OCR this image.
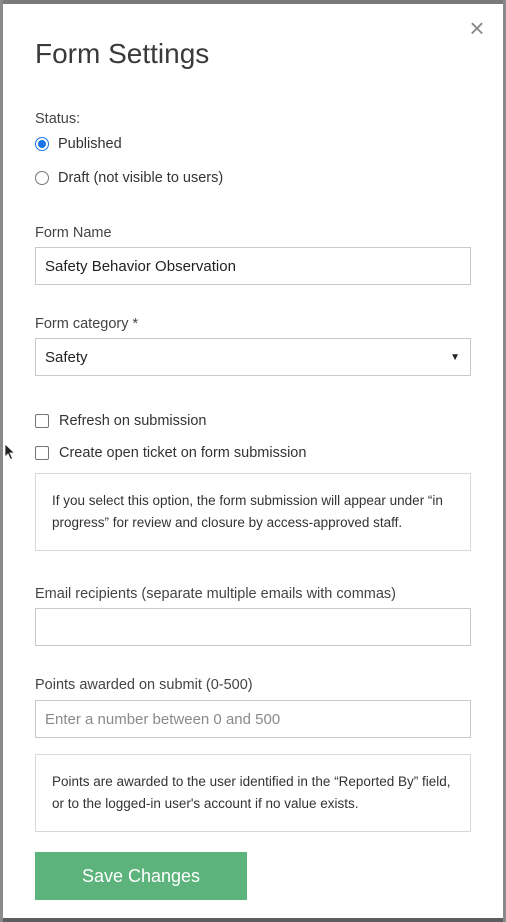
×
Form Settings
Status:
Published
Draft (not visible to users)
Form Name
Safety Behavior Observation
Form category *
Safety	▼
Refresh on submission
Create open ticket on form submission
If you select this option, the form submission will appear under “in progress” for review and closure by access-approved staff.
Email recipients (separate multiple emails with commas)
Points awarded on submit (0-500)
Enter a number between 0 and 500
Points are awarded to the user identified in the “Reported By” field, or to the logged-in user's account if no value exists.
Save Changes
